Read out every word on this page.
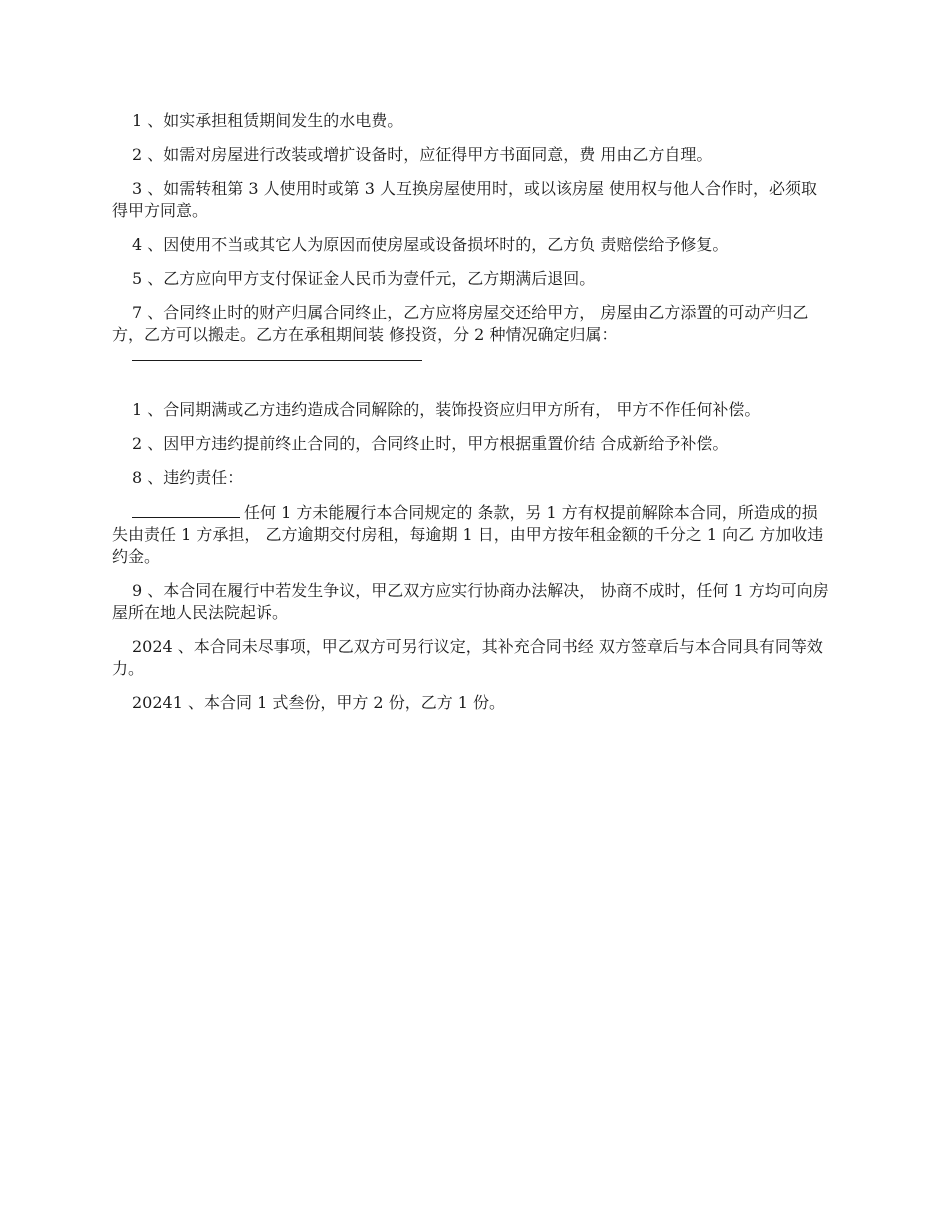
1 、如实承担租赁期间发生的水电费。

2 、如需对房屋进行改装或增扩设备时，应征得甲方书面同意，费 用由乙方自理。

3 、如需转租第 3 人使用时或第 3 人互换房屋使用时，或以该房屋 使用权与他人合作时，必须取得甲方同意。

4 、因使用不当或其它人为原因而使房屋或设备损坏时的，乙方负 责赔偿给予修复。

5 、乙方应向甲方支付保证金人民币为壹仟元，乙方期满后退回。

7 、合同终止时的财产归属合同终止，乙方应将房屋交还给甲方， 房屋由乙方添置的可动产归乙方，乙方可以搬走。乙方在承租期间装 修投资，分 2 种情况确定归属：

1 、合同期满或乙方违约造成合同解除的，装饰投资应归甲方所有， 甲方不作任何补偿。

2 、因甲方违约提前终止合同的，合同终止时，甲方根据重置价结 合成新给予补偿。

8 、违约责任：

任何 1 方未能履行本合同规定的 条款，另 1 方有权提前解除本合同，所造成的损失由责任 1 方承担， 乙方逾期交付房租，每逾期 1 日，由甲方按年租金额的千分之 1 向乙 方加收违约金。

9 、本合同在履行中若发生争议，甲乙双方应实行协商办法解决， 协商不成时，任何 1 方均可向房屋所在地人民法院起诉。

2024 、本合同未尽事项，甲乙双方可另行议定，其补充合同书经 双方签章后与本合同具有同等效力。

20241 、本合同 1 式叁份，甲方 2 份，乙方 1 份。
